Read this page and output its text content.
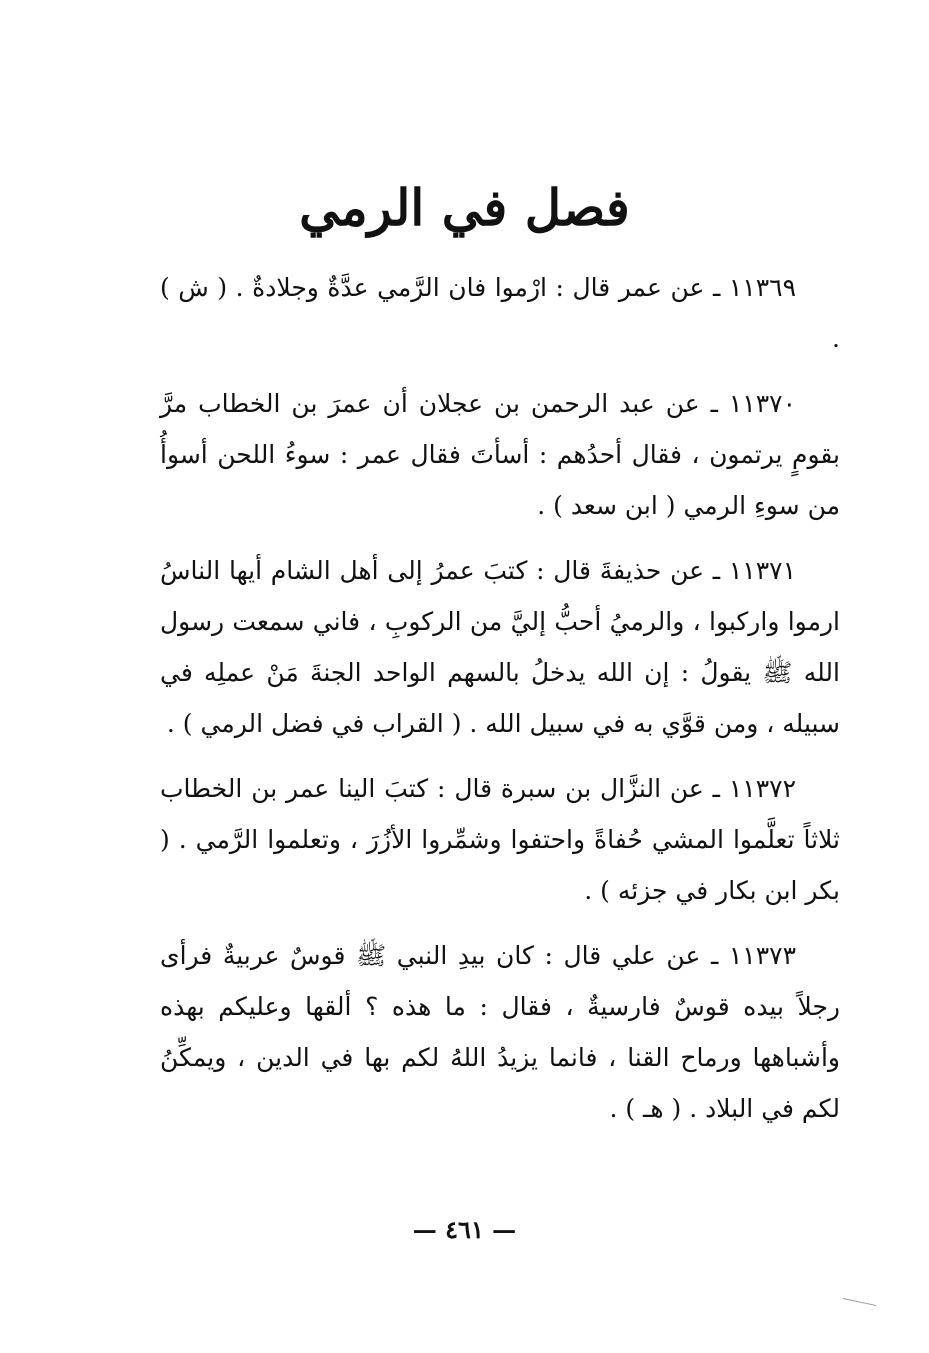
فصل في الرمي

١١٣٦٩ ـ عن عمر قال : ارْموا فان الرَّمي عدَّةٌ وجلادةٌ . ( ش ) .

١١٣٧٠ ـ عن عبد الرحمن بن عجلان أن عمرَ بن الخطاب مرَّ بقومٍ يرتمون ، فقال أحدُهم : أسأتَ فقال عمر : سوءُ اللحن أسوأُ من سوءِ الرمي ( ابن سعد ) .

١١٣٧١ ـ عن حذيفةَ قال : كتبَ عمرُ إلى أهل الشام أيها الناسُ ارموا واركبوا ، والرميُ أحبُّ إليَّ من الركوبِ ، فاني سمعت رسول الله ﷺ يقولُ : إن الله يدخلُ بالسهم الواحد الجنةَ مَنْ عملِه في سبيله ، ومن قوَّي به في سبيل الله . ( القراب في فضل الرمي ) .

١١٣٧٢ ـ عن النزَّال بن سبرة قال : كتبَ الينا عمر بن الخطاب ثلاثاً تعلَّموا المشي حُفاةً واحتفوا وشمِّروا الأزُرَ ، وتعلموا الرَّمي . ( بكر ابن بكار في جزئه ) .

١١٣٧٣ ـ عن علي قال : كان بيدِ النبي ﷺ قوسٌ عربيةٌ فرأى رجلاً بيده قوسٌ فارسيةٌ ، فقال : ما هذه ؟ ألقها وعليكم بهذه وأشباهها ورماح القنا ، فانما يزيدُ اللهُ لكم بها في الدين ، ويمكِّنُ لكم في البلاد . ( هـ ) .

— ٤٦١ —
